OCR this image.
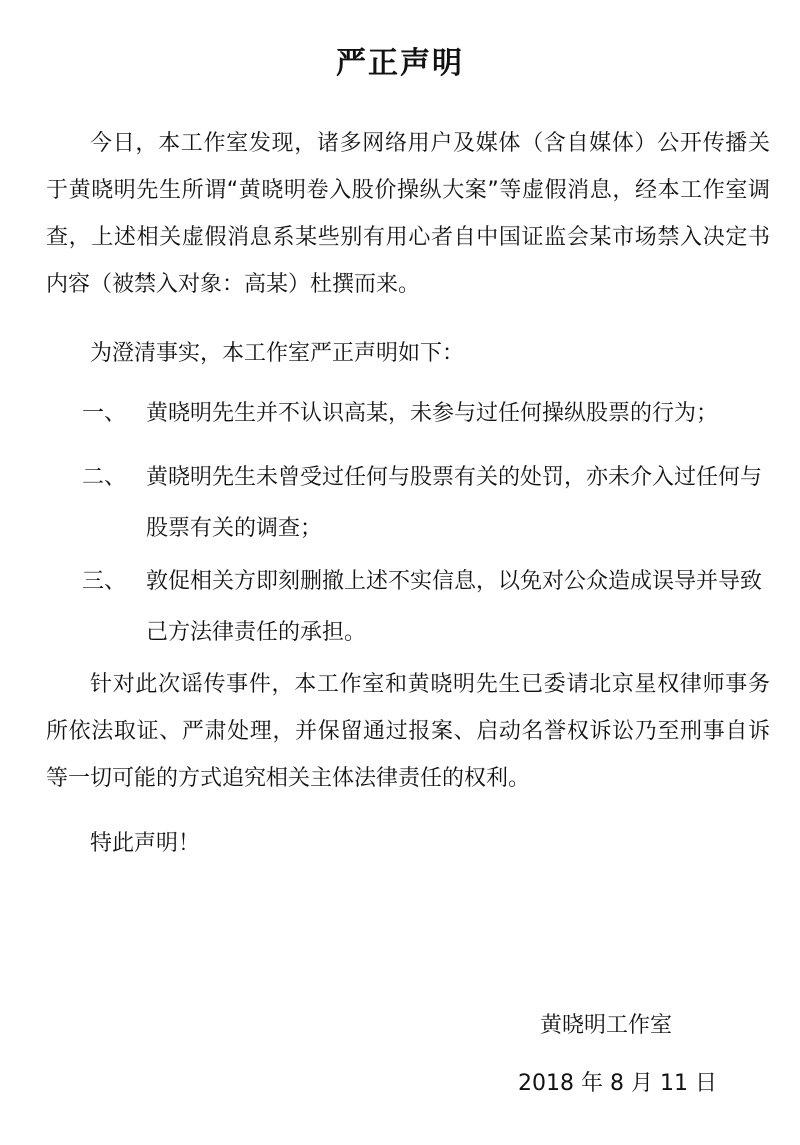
严正声明
今日，本工作室发现，诸多网络用户及媒体（含自媒体）公开传播关于黄晓明先生所谓“黄晓明卷入股价操纵大案”等虚假消息，经本工作室调查，上述相关虚假消息系某些别有用心者自中国证监会某市场禁入决定书内容（被禁入对象：高某）杜撰而来。
为澄清事实，本工作室严正声明如下：
一、 黄晓明先生并不认识高某，未参与过任何操纵股票的行为；
二、 黄晓明先生未曾受过任何与股票有关的处罚，亦未介入过任何与股票有关的调查；
三、 敦促相关方即刻删撤上述不实信息，以免对公众造成误导并导致己方法律责任的承担。
针对此次谣传事件，本工作室和黄晓明先生已委请北京星权律师事务所依法取证、严肃处理，并保留通过报案、启动名誉权诉讼乃至刑事自诉等一切可能的方式追究相关主体法律责任的权利。
特此声明！
黄晓明工作室
2018 年 8 月 11 日
